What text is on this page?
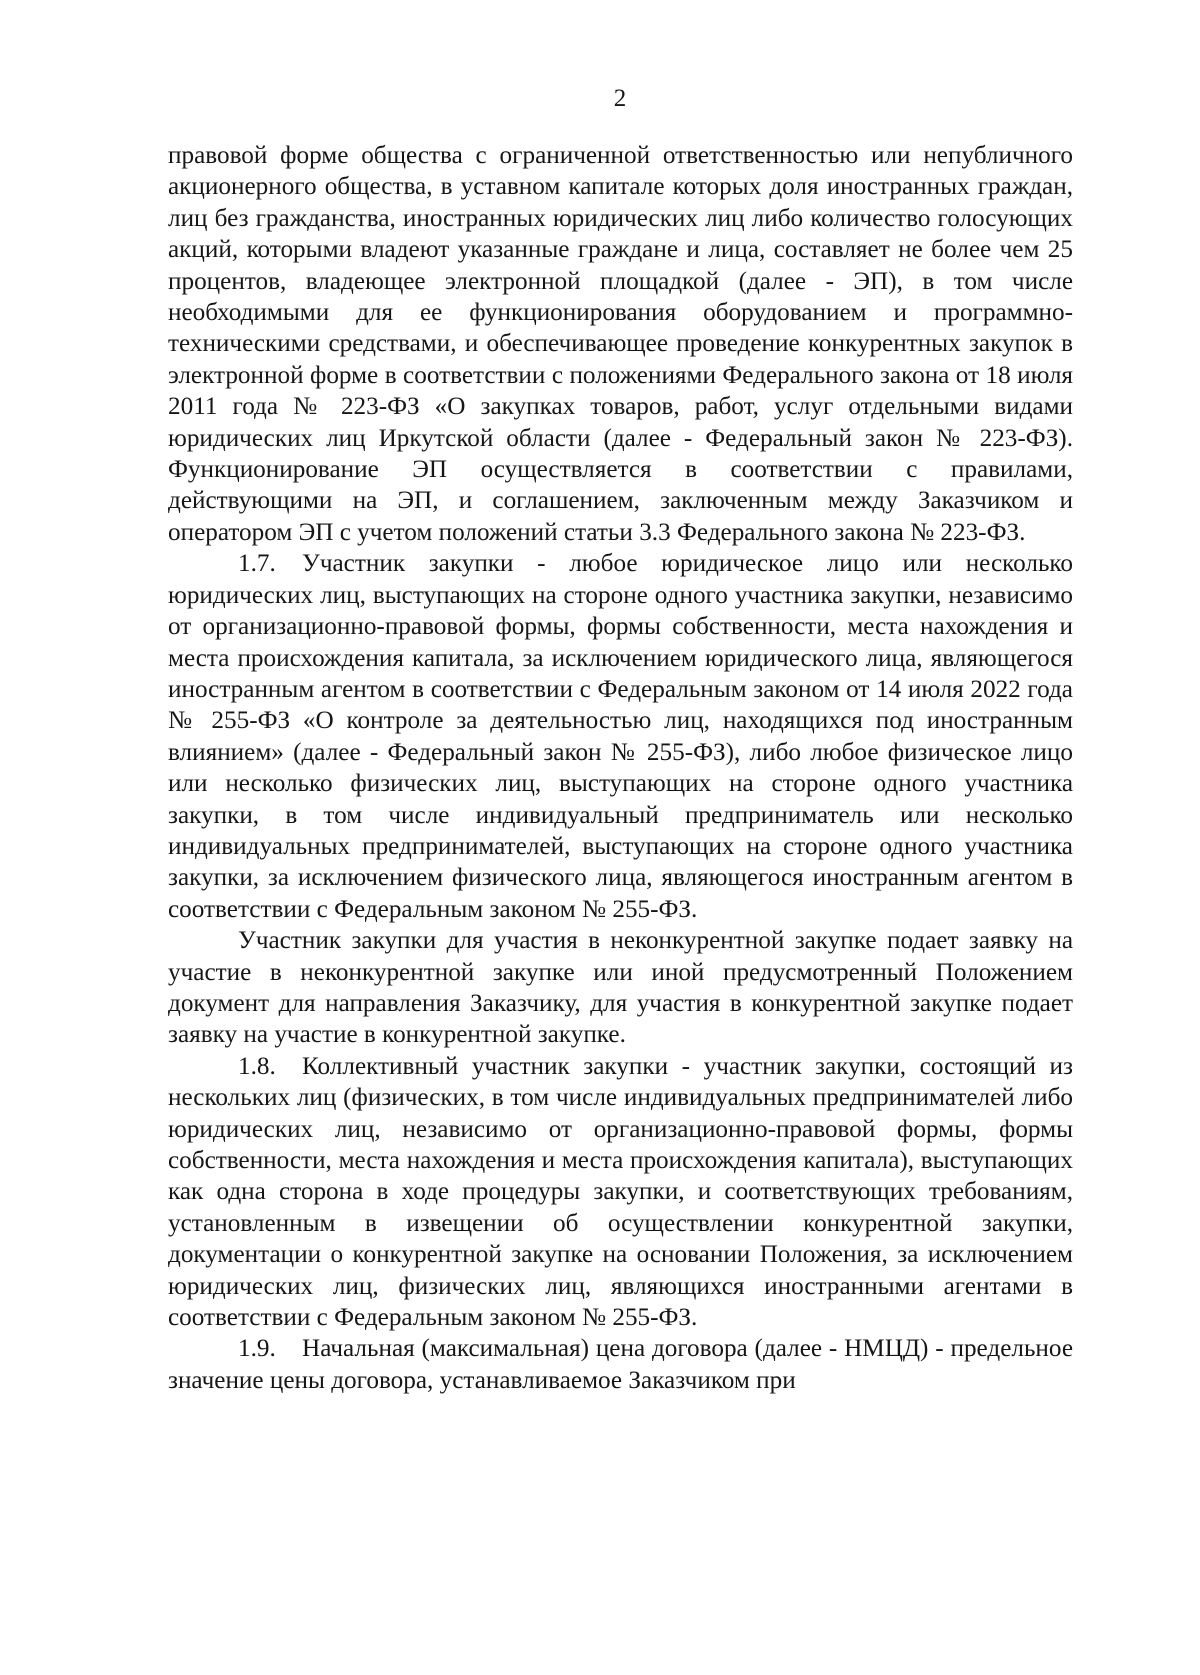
2

правовой форме общества с ограниченной ответственностью или непубличного акционерного общества, в уставном капитале которых доля иностранных граждан, лиц без гражданства, иностранных юридических лиц либо количество голосующих акций, которыми владеют указанные граждане и лица, составляет не более чем 25 процентов, владеющее электронной площадкой (далее - ЭП), в том числе необходимыми для ее функционирования оборудованием и программно-техническими средствами, и обеспечивающее проведение конкурентных закупок в электронной форме в соответствии с положениями Федерального закона от 18 июля 2011 года № 223-ФЗ «О закупках товаров, работ, услуг отдельными видами юридических лиц Иркутской области (далее - Федеральный закон № 223-ФЗ). Функционирование ЭП осуществляется в соответствии с правилами, действующими на ЭП, и соглашением, заключенным между Заказчиком и оператором ЭП с учетом положений статьи 3.3 Федерального закона № 223-ФЗ.

1.7. Участник закупки - любое юридическое лицо или несколько юридических лиц, выступающих на стороне одного участника закупки, независимо от организационно-правовой формы, формы собственности, места нахождения и места происхождения капитала, за исключением юридического лица, являющегося иностранным агентом в соответствии с Федеральным законом от 14 июля 2022 года № 255-ФЗ «О контроле за деятельностью лиц, находящихся под иностранным влиянием» (далее - Федеральный закон № 255-ФЗ), либо любое физическое лицо или несколько физических лиц, выступающих на стороне одного участника закупки, в том числе индивидуальный предприниматель или несколько индивидуальных предпринимателей, выступающих на стороне одного участника закупки, за исключением физического лица, являющегося иностранным агентом в соответствии с Федеральным законом № 255-ФЗ.

Участник закупки для участия в неконкурентной закупке подает заявку на участие в неконкурентной закупке или иной предусмотренный Положением документ для направления Заказчику, для участия в конкурентной закупке подает заявку на участие в конкурентной закупке.

1.8. Коллективный участник закупки - участник закупки, состоящий из нескольких лиц (физических, в том числе индивидуальных предпринимателей либо юридических лиц, независимо от организационно-правовой формы, формы собственности, места нахождения и места происхождения капитала), выступающих как одна сторона в ходе процедуры закупки, и соответствующих требованиям, установленным в извещении об осуществлении конкурентной закупки, документации о конкурентной закупке на основании Положения, за исключением юридических лиц, физических лиц, являющихся иностранными агентами в соответствии с Федеральным законом № 255-ФЗ.

1.9. Начальная (максимальная) цена договора (далее - НМЦД) - предельное значение цены договора, устанавливаемое Заказчиком при
